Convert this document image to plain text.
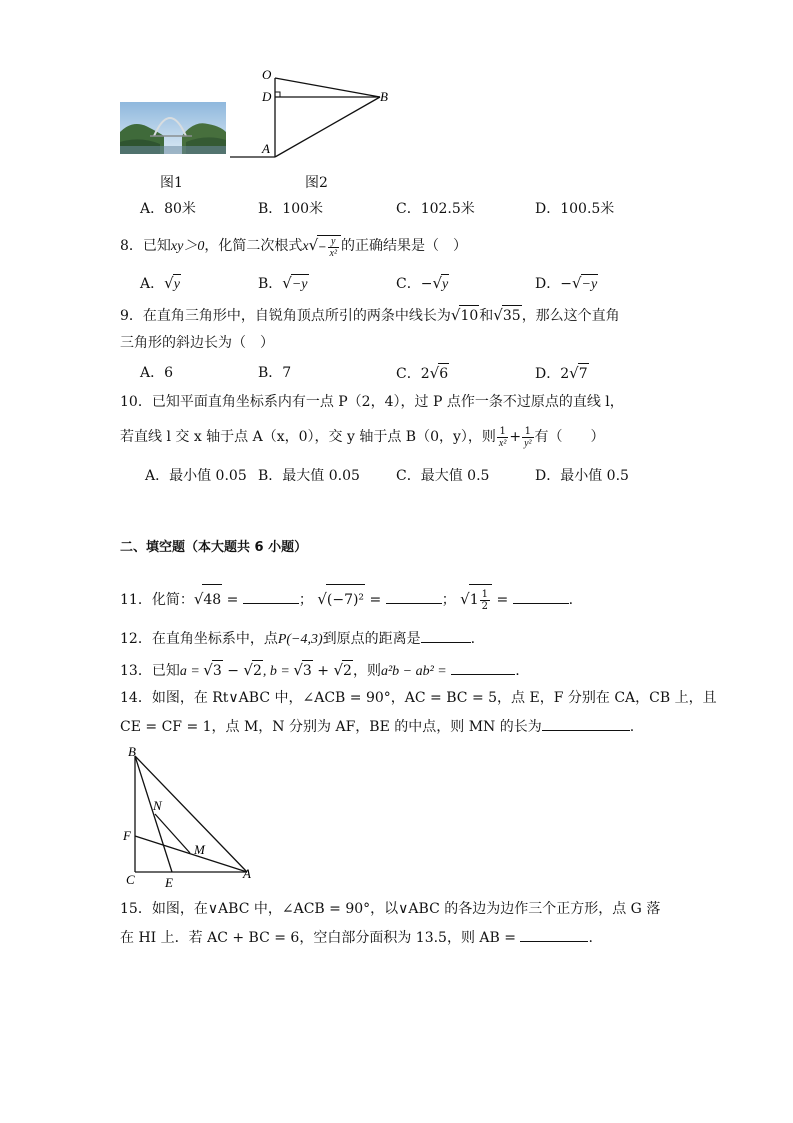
图1
O
D	B
A
图2
A．80米	B．100米	C．102.5米	D．100.5米
8．已知xy＞0，化简二次根式$x√- \frac{y}{\text{x²}}$ 的正确结果是（　）
A．√y	B．√−y	C．−√y	D．−√−y
9．在直角三角形中，自锐角顶点所引的两条中线长为√10和√35，那么这个直角
三角形的斜边长为（　）
A．6	B．7	C．2√6	D．2√7
10．已知平面直角坐标系内有一点 P（2，4），过 P 点作一条不过原点的直线 l，
若直线 l 交 x 轴于点 A（x，0），交 y 轴于点 B（0，y），则 $\frac{1}{\text{x²}} + \frac{1}{\text{y²}}$ 有（　　）
A．最小值 0.05 B．最大值 0.05	C．最大值 0.5	D．最小值 0.5
二、填空题（本大题共 6 小题）
11．化简：√48 =	； √(−7)² =	； $√1 \frac{1}{2}$ =	.
12．在直角坐标系中，点P(−4,3)到原点的距离是	.
13．已知a = √3 − √2, b = √3 + √2，则a²b − ab² =	.
14．如图，在 Rt∨ABC 中，∠ACB = 90°，AC = BC = 5，点 E，F 分别在 CA，CB 上，且
CE = CF = 1，点 M，N 分别为 AF，BE 的中点，则 MN 的长为	.
B
N
F
M
A
C E
15．如图，在∨ABC 中，∠ACB = 90°，以∨ABC 的各边为边作三个正方形，点 G 落
在 HI 上．若 AC + BC = 6，空白部分面积为 13.5，则 AB =	.
